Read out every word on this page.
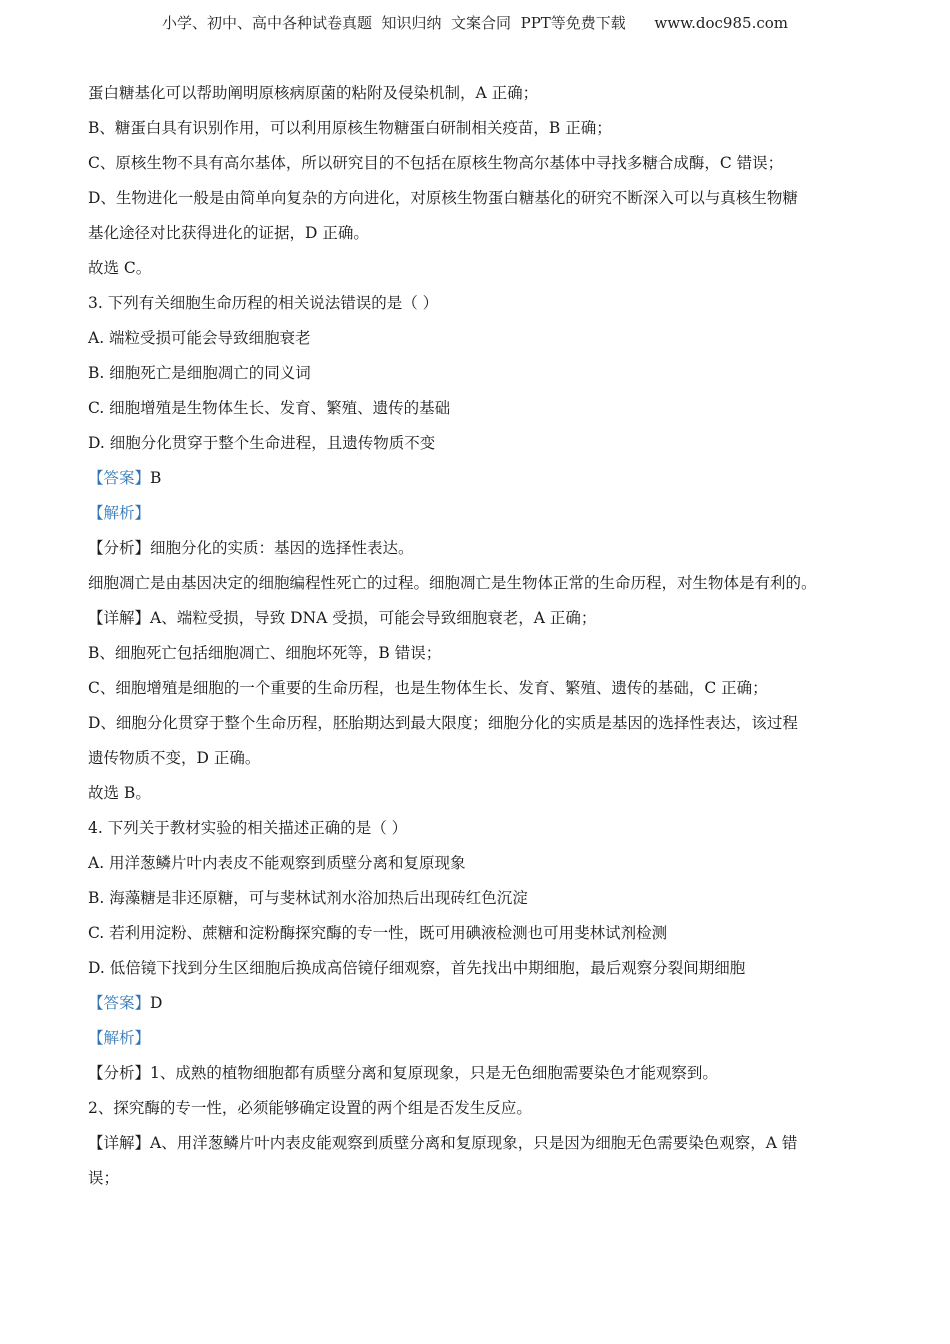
小学、初中、高中各种试卷真题  知识归纳  文案合同  PPT等免费下载      www.doc985.com
蛋白糖基化可以帮助阐明原核病原菌的粘附及侵染机制，A 正确；
B、糖蛋白具有识别作用，可以利用原核生物糖蛋白研制相关疫苗，B 正确；
C、原核生物不具有高尔基体，所以研究目的不包括在原核生物高尔基体中寻找多糖合成酶，C 错误；
D、生物进化一般是由简单向复杂的方向进化，对原核生物蛋白糖基化的研究不断深入可以与真核生物糖
基化途径对比获得进化的证据，D 正确。
故选 C。
3. 下列有关细胞生命历程的相关说法错误的是（ ）
A. 端粒受损可能会导致细胞衰老
B. 细胞死亡是细胞凋亡的同义词
C. 细胞增殖是生物体生长、发育、繁殖、遗传的基础
D. 细胞分化贯穿于整个生命进程，且遗传物质不变
【答案】B
【解析】
【分析】细胞分化的实质：基因的选择性表达。
细胞凋亡是由基因决定的细胞编程性死亡的过程。细胞凋亡是生物体正常的生命历程，对生物体是有利的。
【详解】A、端粒受损，导致 DNA 受损，可能会导致细胞衰老，A 正确；
B、细胞死亡包括细胞凋亡、细胞坏死等，B 错误；
C、细胞增殖是细胞的一个重要的生命历程，也是生物体生长、发育、繁殖、遗传的基础，C 正确；
D、细胞分化贯穿于整个生命历程，胚胎期达到最大限度；细胞分化的实质是基因的选择性表达，该过程
遗传物质不变，D 正确。
故选 B。
4. 下列关于教材实验的相关描述正确的是（ ）
A. 用洋葱鳞片叶内表皮不能观察到质壁分离和复原现象
B. 海藻糖是非还原糖，可与斐林试剂水浴加热后出现砖红色沉淀
C. 若利用淀粉、蔗糖和淀粉酶探究酶的专一性，既可用碘液检测也可用斐林试剂检测
D. 低倍镜下找到分生区细胞后换成高倍镜仔细观察，首先找出中期细胞，最后观察分裂间期细胞
【答案】D
【解析】
【分析】1、成熟的植物细胞都有质壁分离和复原现象，只是无色细胞需要染色才能观察到。
2、探究酶的专一性，必须能够确定设置的两个组是否发生反应。
【详解】A、用洋葱鳞片叶内表皮能观察到质壁分离和复原现象，只是因为细胞无色需要染色观察，A 错
误；
